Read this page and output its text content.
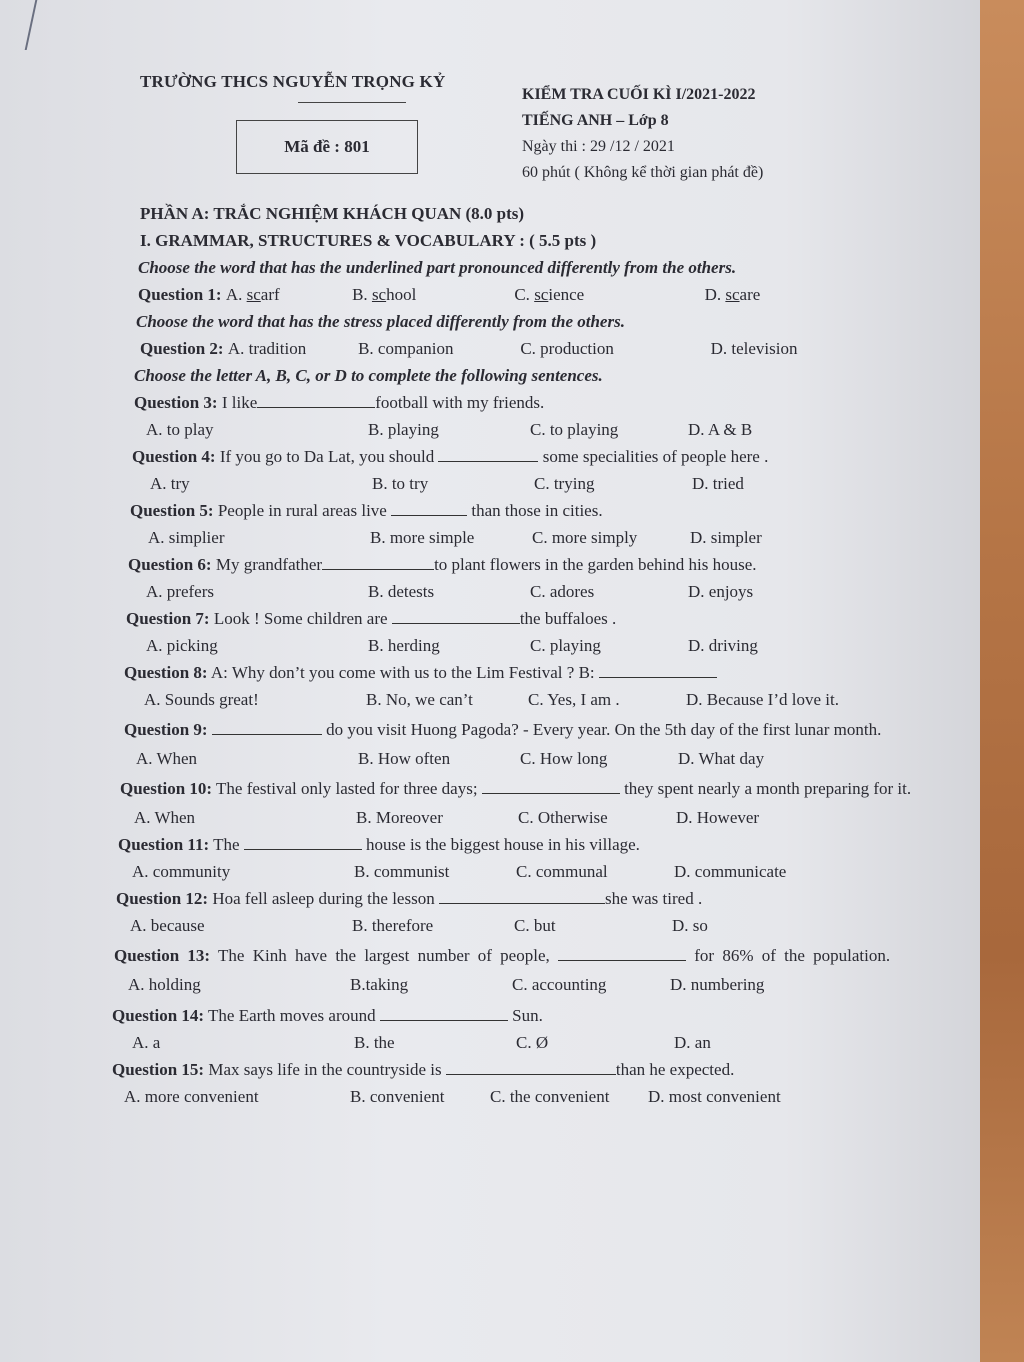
TRƯỜNG THCS NGUYỄN TRỌNG KỶ
Mã đề : 801
KIỂM TRA CUỐI KÌ I/2021-2022
TIẾNG ANH – Lớp 8
Ngày thi : 29 /12 / 2021
60 phút ( Không kể thời gian phát đề)
PHẦN A: TRẮC NGHIỆM KHÁCH QUAN (8.0 pts)
I. GRAMMAR, STRUCTURES & VOCABULARY : ( 5.5 pts )
Choose the word that has the underlined part pronounced differently from the others.
Question 1: A. scarf	B. school	C. science	D. scare
Choose the word that has the stress placed differently from the others.
Question 2: A. tradition	B. companion	C. production	D. television
Choose the letter A, B, C, or D to complete the following sentences.
Question 3: I like	football with my friends.
A. to play	B. playing	C. to playing	D. A & B
Question 4: If you go to Da Lat, you should	some specialities of people here .
A. try	B. to try	C. trying	D. tried
Question 5: People in rural areas live	than those in cities.
A. simplier	B. more simple	C. more simply	D. simpler
Question 6: My grandfather	to plant flowers in the garden behind his house.
A. prefers	B. detests	C. adores	D. enjoys
Question 7: Look ! Some children are	the buffaloes .
A. picking	B. herding	C. playing	D. driving
Question 8: A: Why don’t you come with us to the Lim Festival ? B:
A. Sounds great!	B. No, we can’t	C. Yes, I am .	D. Because I’d love it.
Question 9:	do you visit Huong Pagoda? - Every year. On the 5th day of the first lunar month.
A. When	B. How often	C. How long	D. What day
Question 10: The festival only lasted for three days;	they spent nearly a month preparing for it.
A. When	B. Moreover	C. Otherwise	D. However
Question 11: The	house is the biggest house in his village.
A. community	B. communist	C. communal	D. communicate
Question 12: Hoa fell asleep during the lesson	she was tired .
A. because	B. therefore	C. but	D. so
Question 13: The Kinh have the largest number of people,	for 86% of the population.
A. holding	B.taking	C. accounting	D. numbering
Question 14: The Earth moves around	Sun.
A. a	B. the	C. Ø	D. an
Question 15: Max says life in the countryside is	than he expected.
A. more convenient	B. convenient	C. the convenient	D. most convenient
